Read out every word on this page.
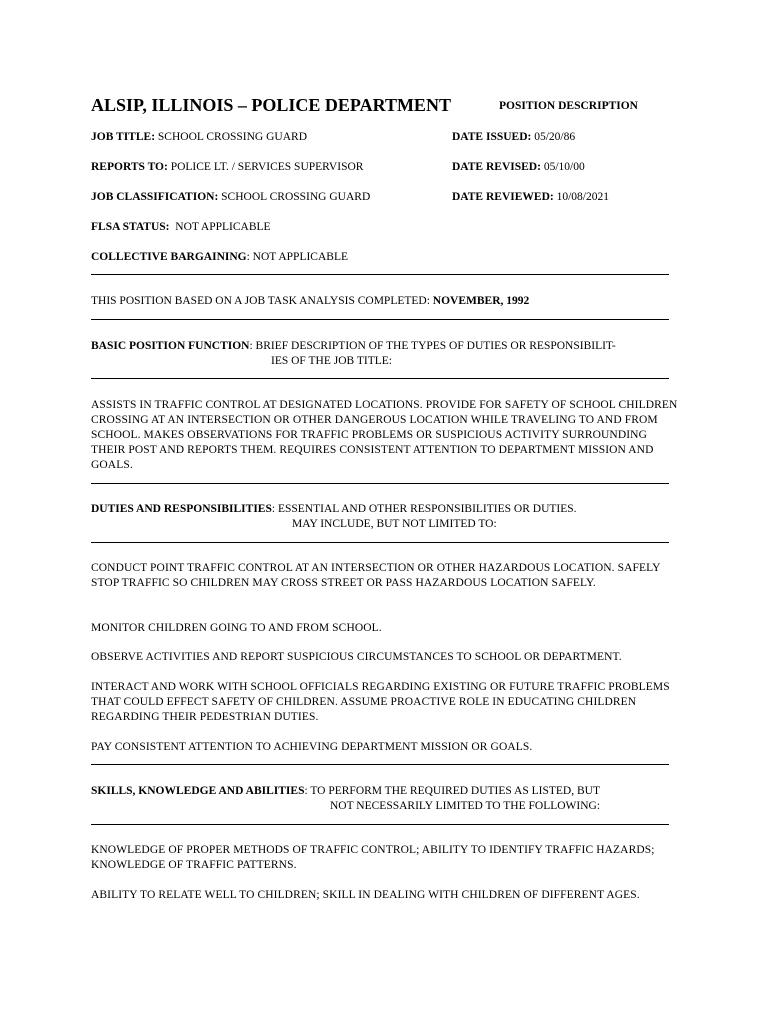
ALSIP, ILLINOIS – POLICE DEPARTMENT	POSITION DESCRIPTION
JOB TITLE: SCHOOL CROSSING GUARD
REPORTS TO: POLICE LT. / SERVICES SUPERVISOR
JOB CLASSIFICATION: SCHOOL CROSSING GUARD
FLSA STATUS:  NOT APPLICABLE
COLLECTIVE BARGAINING: NOT APPLICABLE
DATE ISSUED: 05/20/86
DATE REVISED: 05/10/00
DATE REVIEWED: 10/08/2021
THIS POSITION BASED ON A JOB TASK ANALYSIS COMPLETED: NOVEMBER, 1992
BASIC POSITION FUNCTION: BRIEF DESCRIPTION OF THE TYPES OF DUTIES OR RESPONSIBILIT-
IES OF THE JOB TITLE:
ASSISTS IN TRAFFIC CONTROL AT DESIGNATED LOCATIONS. PROVIDE FOR SAFETY OF SCHOOL CHILDREN CROSSING AT AN INTERSECTION OR OTHER DANGEROUS LOCATION WHILE TRAVELING TO AND FROM SCHOOL. MAKES OBSERVATIONS FOR TRAFFIC PROBLEMS OR SUSPICIOUS ACTIVITY SURROUNDING THEIR POST AND REPORTS THEM. REQUIRES CONSISTENT ATTENTION TO DEPARTMENT MISSION AND GOALS.
DUTIES AND RESPONSIBILITIES: ESSENTIAL AND OTHER RESPONSIBILITIES OR DUTIES.
MAY INCLUDE, BUT NOT LIMITED TO:
CONDUCT POINT TRAFFIC CONTROL AT AN INTERSECTION OR OTHER HAZARDOUS LOCATION. SAFELY STOP TRAFFIC SO CHILDREN MAY CROSS STREET OR PASS HAZARDOUS LOCATION SAFELY.
MONITOR CHILDREN GOING TO AND FROM SCHOOL.
OBSERVE ACTIVITIES AND REPORT SUSPICIOUS CIRCUMSTANCES TO SCHOOL OR DEPARTMENT.
INTERACT AND WORK WITH SCHOOL OFFICIALS REGARDING EXISTING OR FUTURE TRAFFIC PROBLEMS THAT COULD EFFECT SAFETY OF CHILDREN. ASSUME PROACTIVE ROLE IN EDUCATING CHILDREN REGARDING THEIR PEDESTRIAN DUTIES.
PAY CONSISTENT ATTENTION TO ACHIEVING DEPARTMENT MISSION OR GOALS.
SKILLS, KNOWLEDGE AND ABILITIES: TO PERFORM THE REQUIRED DUTIES AS LISTED, BUT
NOT NECESSARILY LIMITED TO THE FOLLOWING:
KNOWLEDGE OF PROPER METHODS OF TRAFFIC CONTROL; ABILITY TO IDENTIFY TRAFFIC HAZARDS; KNOWLEDGE OF TRAFFIC PATTERNS.
ABILITY TO RELATE WELL TO CHILDREN; SKILL IN DEALING WITH CHILDREN OF DIFFERENT AGES.
